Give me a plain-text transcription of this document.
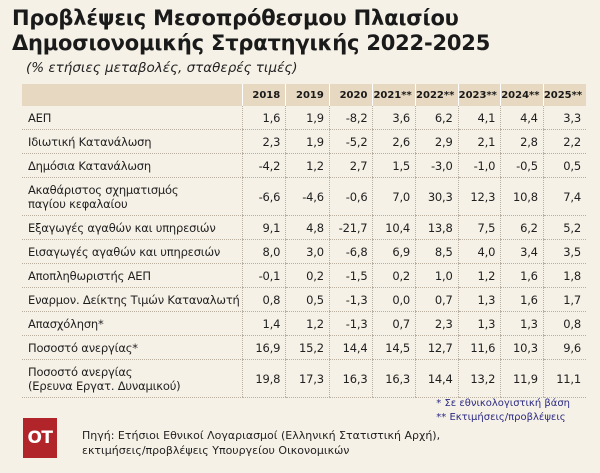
Προβλέψεις Μεσοπρόθεσμου Πλαισίου Δημοσιονομικής Στρατηγικής 2022-2025
(% ετήσιες μεταβολές, σταθερές τιμές)
	2018	2019	2020	2021**	2022**	2023**	2024**	2025**

ΑΕΠ	1,6	1,9	-8,2	3,6	6,2	4,1	4,4	3,3

Ιδιωτική Κατανάλωση	2,3	1,9	-5,2	2,6	2,9	2,1	2,8	2,2

Δημόσια Κατανάλωση	-4,2	1,2	2,7	1,5	-3,0	-1,0	-0,5	0,5

Ακαθάριστος σχηματισμός
παγίου κεφαλαίου	-6,6	-4,6	-0,6	7,0	30,3	12,3	10,8	7,4

Εξαγωγές αγαθών και υπηρεσιών	9,1	4,8	-21,7	10,4	13,8	7,5	6,2	5,2

Εισαγωγές αγαθών και υπηρεσιών	8,0	3,0	-6,8	6,9	8,5	4,0	3,4	3,5

Αποπληθωριστής ΑΕΠ	-0,1	0,2	-1,5	0,2	1,0	1,2	1,6	1,8

Εναρμον. Δείκτης Τιμών Καταναλωτή	0,8	0,5	-1,3	0,0	0,7	1,3	1,6	1,7

Απασχόληση*	1,4	1,2	-1,3	0,7	2,3	1,3	1,3	0,8

Ποσοστό ανεργίας*	16,9	15,2	14,4	14,5	12,7	11,6	10,3	9,6

Ποσοστό ανεργίας
(Ερευνα Εργατ. Δυναμικού)	19,8	17,3	16,3	16,3	14,4	13,2	11,9	11,1
* Σε εθνικολογιστική βάση
** Εκτιμήσεις/προβλέψεις
OT	Πηγή: Ετήσιοι Εθνικοί Λογαριασμοί (Ελληνική Στατιστική Αρχή),
εκτιμήσεις/προβλέψεις Υπουργείου Οικονομικών
